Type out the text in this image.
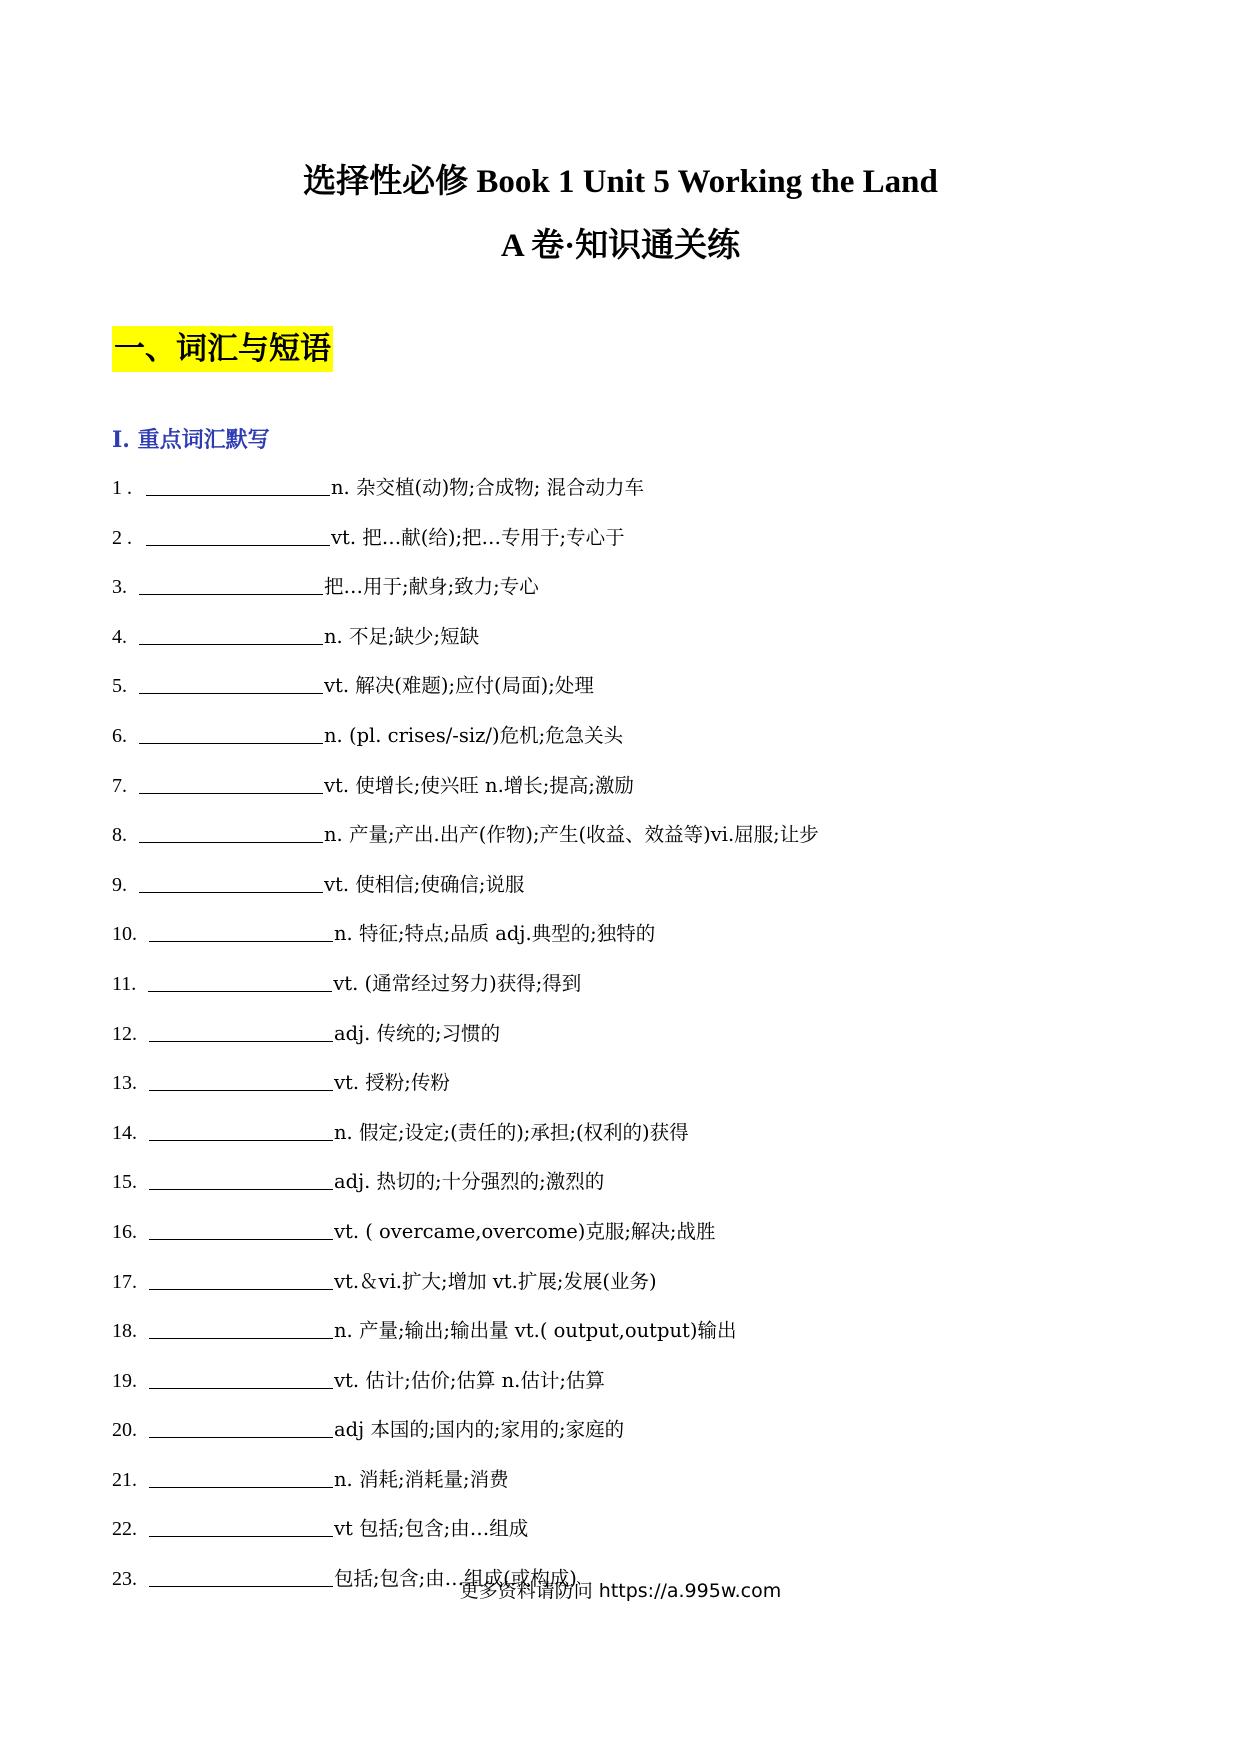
选择性必修 Book 1 Unit 5 Working the Land
A 卷·知识通关练
一、词汇与短语
I. 重点词汇默写
1 .	n. 杂交植(动)物;合成物; 混合动力车
2 .	vt. 把…献(给);把…专用于;专心于
3.	把…用于;献身;致力;专心
4.	n. 不足;缺少;短缺
5.	vt. 解决(难题);应付(局面);处理
6.	n. (pl. crises/-siz/)危机;危急关头
7.	vt. 使增长;使兴旺 n.增长;提高;激励
8.	n. 产量;产出.出产(作物);产生(收益、效益等)vi.屈服;让步
9.	vt. 使相信;使确信;说服
10.	n. 特征;特点;品质 adj.典型的;独特的
11.	vt. (通常经过努力)获得;得到
12.	adj. 传统的;习惯的
13.	vt. 授粉;传粉
14.	n. 假定;设定;(责任的);承担;(权利的)获得
15.	adj. 热切的;十分强烈的;激烈的
16.	vt. ( overcame,overcome)克服;解决;战胜
17.	vt.＆vi.扩大;增加 vt.扩展;发展(业务)
18.	n. 产量;输出;输出量 vt.( output,output)输出
19.	vt. 估计;估价;估算 n.估计;估算
20.	adj 本国的;国内的;家用的;家庭的
21.	n. 消耗;消耗量;消费
22.	vt 包括;包含;由…组成
23.	包括;包含;由…组成(或构成)
更多资料请防问 https://a.995w.com
